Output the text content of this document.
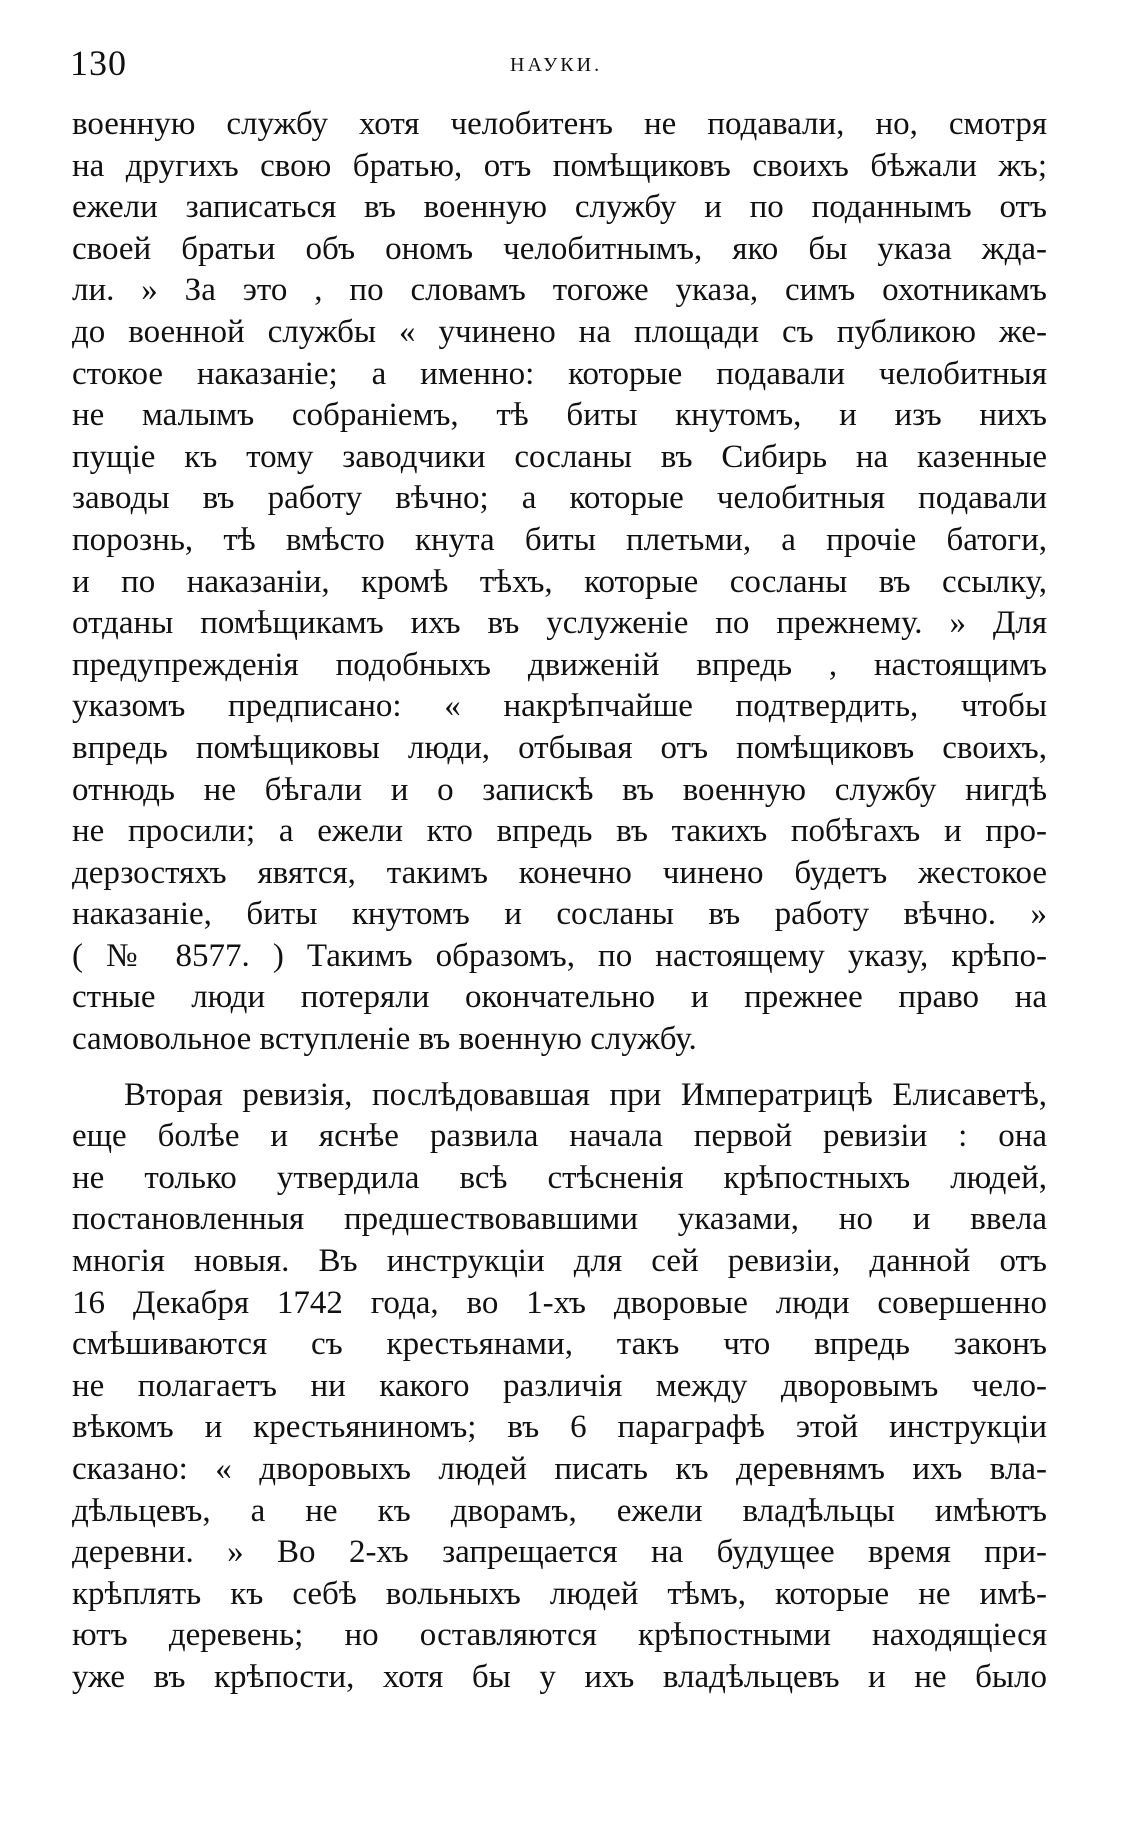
130	НАУКИ.
военную службу хотя челобитенъ не подавали, но, смотря
на другихъ свою братью, отъ помѣщиковъ своихъ бѣжали жъ;
ежели записаться въ военную службу и по поданнымъ отъ
своей братьи объ ономъ челобитнымъ, яко бы указа жда-
ли. » За это , по словамъ тогоже указа, симъ охотникамъ
до военной службы « учинено на площади съ публикою же-
стокое наказаніе; а именно: которые подавали челобитныя
не малымъ собраніемъ, тѣ биты кнутомъ, и изъ нихъ
пущіе къ тому заводчики сосланы въ Сибирь на казенные
заводы въ работу вѣчно; а которые челобитныя подавали
порознь, тѣ вмѣсто кнута биты плетьми, а прочіе батоги,
и по наказаніи, кромѣ тѣхъ, которые сосланы въ ссылку,
отданы помѣщикамъ ихъ въ услуженіе по прежнему. » Для
предупрежденія подобныхъ движеній впредь , настоящимъ
указомъ предписано: « накрѣпчайше подтвердить, чтобы
впредь помѣщиковы люди, отбывая отъ помѣщиковъ своихъ,
отнюдь не бѣгали и о запискѣ въ военную службу нигдѣ
не просили; а ежели кто впредь въ такихъ побѣгахъ и про-
дерзостяхъ явятся, такимъ конечно чинено будетъ жестокое
наказаніе, биты кнутомъ и сосланы въ работу вѣчно. »
( № 8577. ) Такимъ образомъ, по настоящему указу, крѣпо-
стные люди потеряли окончательно и прежнее право на
самовольное вступленіе въ военную службу.
Вторая ревизія, послѣдовавшая при Императрицѣ Елисаветѣ,
еще болѣе и яснѣе развила начала первой ревизіи : она
не только утвердила всѣ стѣсненія крѣпостныхъ людей,
постановленныя предшествовавшими указами, но и ввела
многія новыя. Въ инструкціи для сей ревизіи, данной отъ
16 Декабря 1742 года, во 1-хъ дворовые люди совершенно
смѣшиваются съ крестьянами, такъ что впредь законъ
не полагаетъ ни какого различія между дворовымъ чело-
вѣкомъ и крестьяниномъ; въ 6 параграфѣ этой инструкціи
сказано: « дворовыхъ людей писать къ деревнямъ ихъ вла-
дѣльцевъ, а не къ дворамъ, ежели владѣльцы имѣютъ
деревни. » Во 2-хъ запрещается на будущее время при-
крѣплять къ себѣ вольныхъ людей тѣмъ, которые не имѣ-
ютъ деревень; но оставляются крѣпостными находящіеся
уже въ крѣпости, хотя бы у ихъ владѣльцевъ и не было
